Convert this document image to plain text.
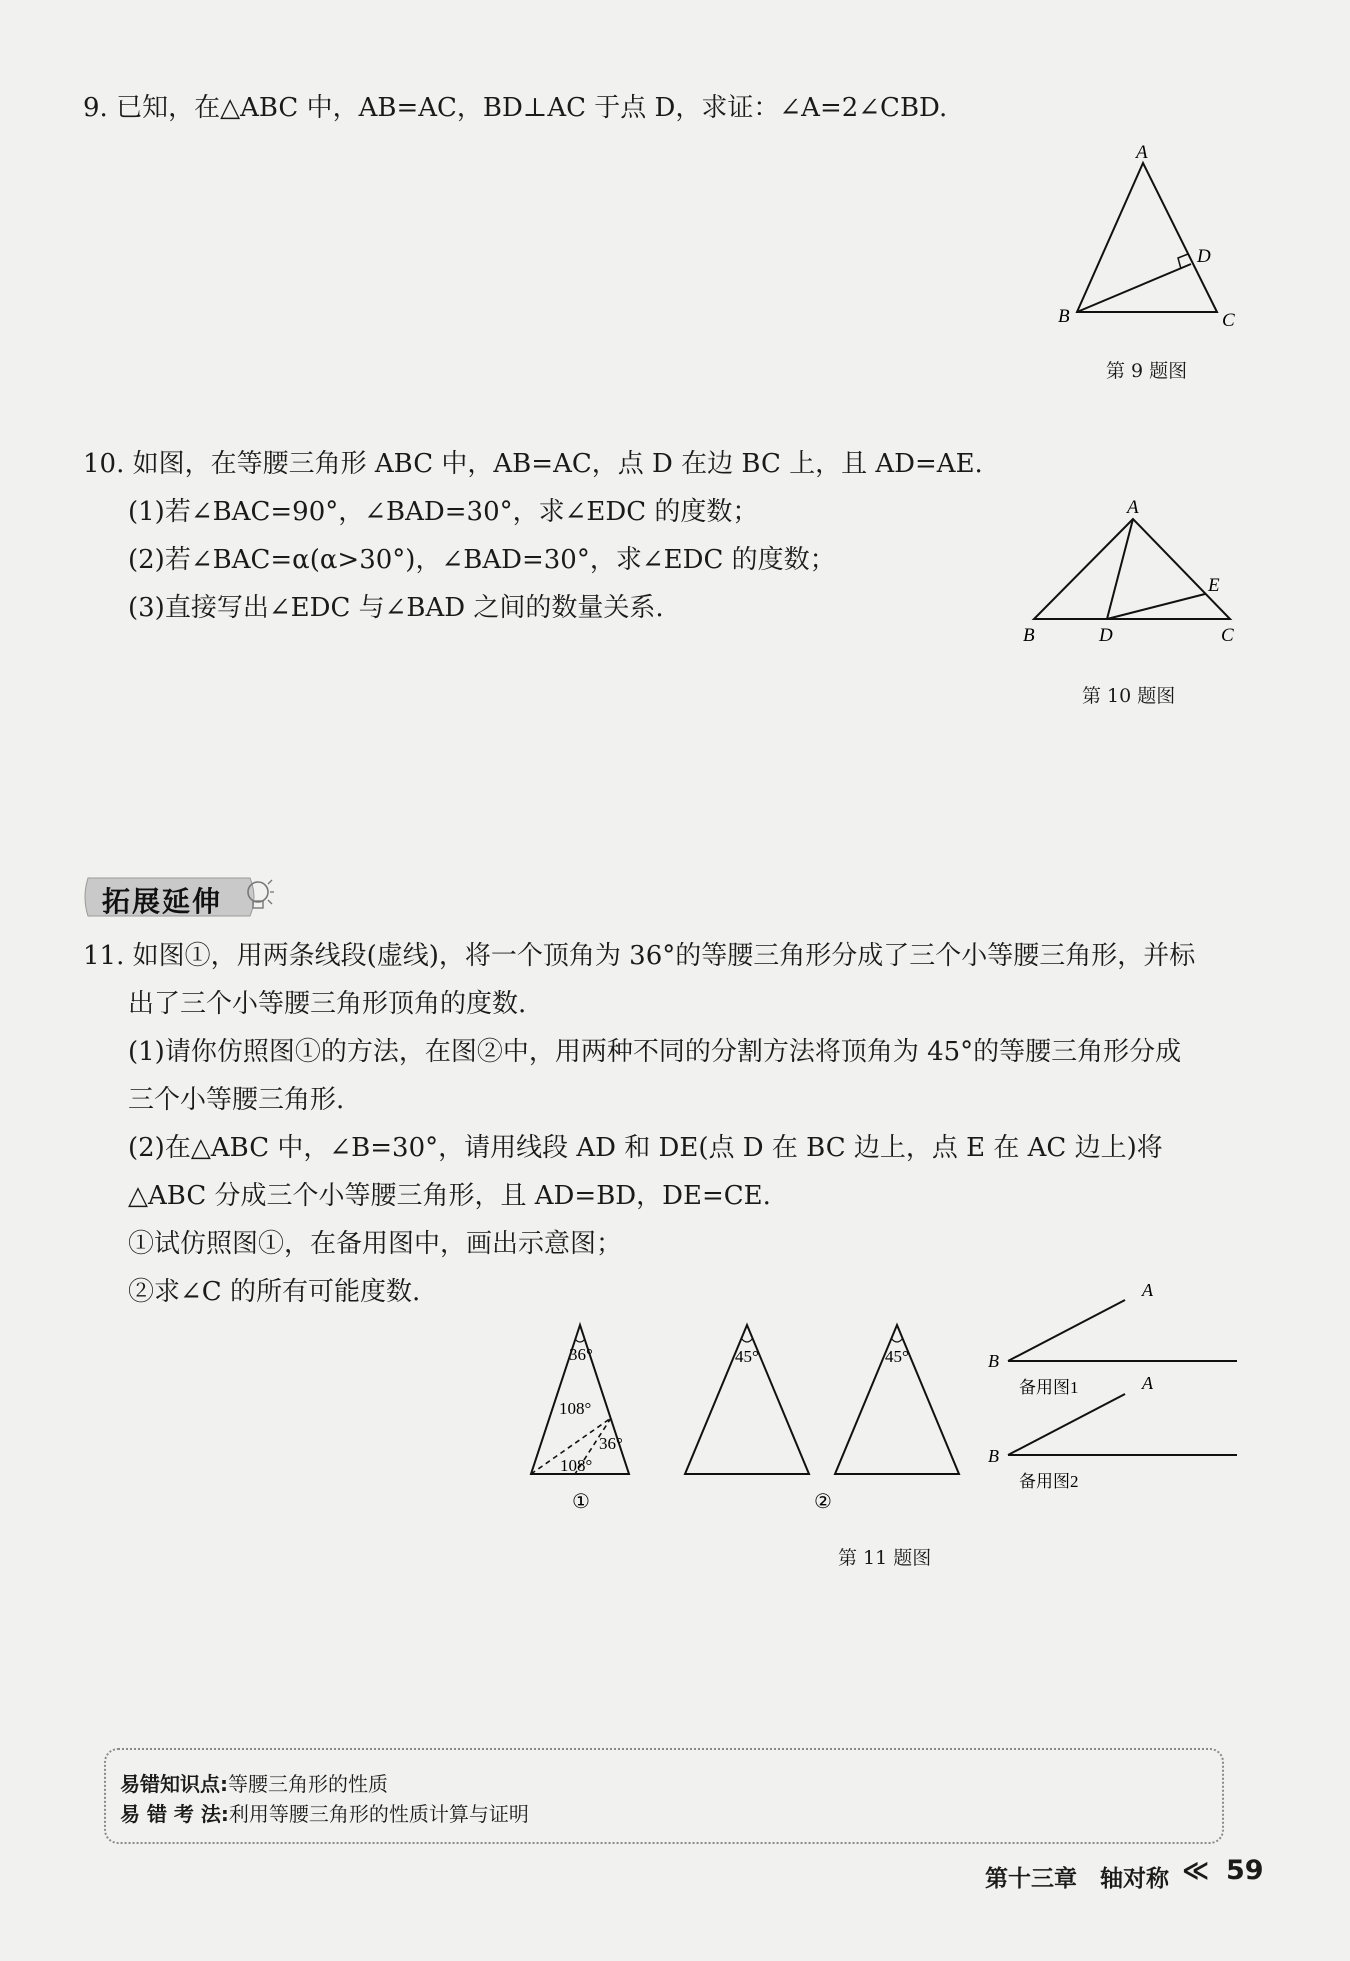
9. 已知，在△ABC 中，AB=AC，BD⊥AC 于点 D，求证：∠A=2∠CBD.
A
B	C
D
第 9 题图
10. 如图，在等腰三角形 ABC 中，AB=AC，点 D 在边 BC 上，且 AD=AE.
(1)若∠BAC=90°，∠BAD=30°，求∠EDC 的度数；
(2)若∠BAC=α(α>30°)，∠BAD=30°，求∠EDC 的度数；
(3)直接写出∠EDC 与∠BAD 之间的数量关系.
A
B	C
D
E
第 10 题图
拓展延伸
11. 如图①，用两条线段(虚线)，将一个顶角为 36°的等腰三角形分成了三个小等腰三角形，并标
出了三个小等腰三角形顶角的度数.
(1)请你仿照图①的方法，在图②中，用两种不同的分割方法将顶角为 45°的等腰三角形分成
三个小等腰三角形.
(2)在△ABC 中，∠B=30°，请用线段 AD 和 DE(点 D 在 BC 边上，点 E 在 AC 边上)将
△ABC 分成三个小等腰三角形，且 AD=BD，DE=CE.
①试仿照图①，在备用图中，画出示意图；
②求∠C 的所有可能度数.
36°
108°
36°
108°
①
45°	45°
②
A
B
备用图1	A
B
备用图2
第 11 题图
易错知识点:等腰三角形的性质
易 错 考 法:利用等腰三角形的性质计算与证明
第十三章 轴对称 ≪ 59
